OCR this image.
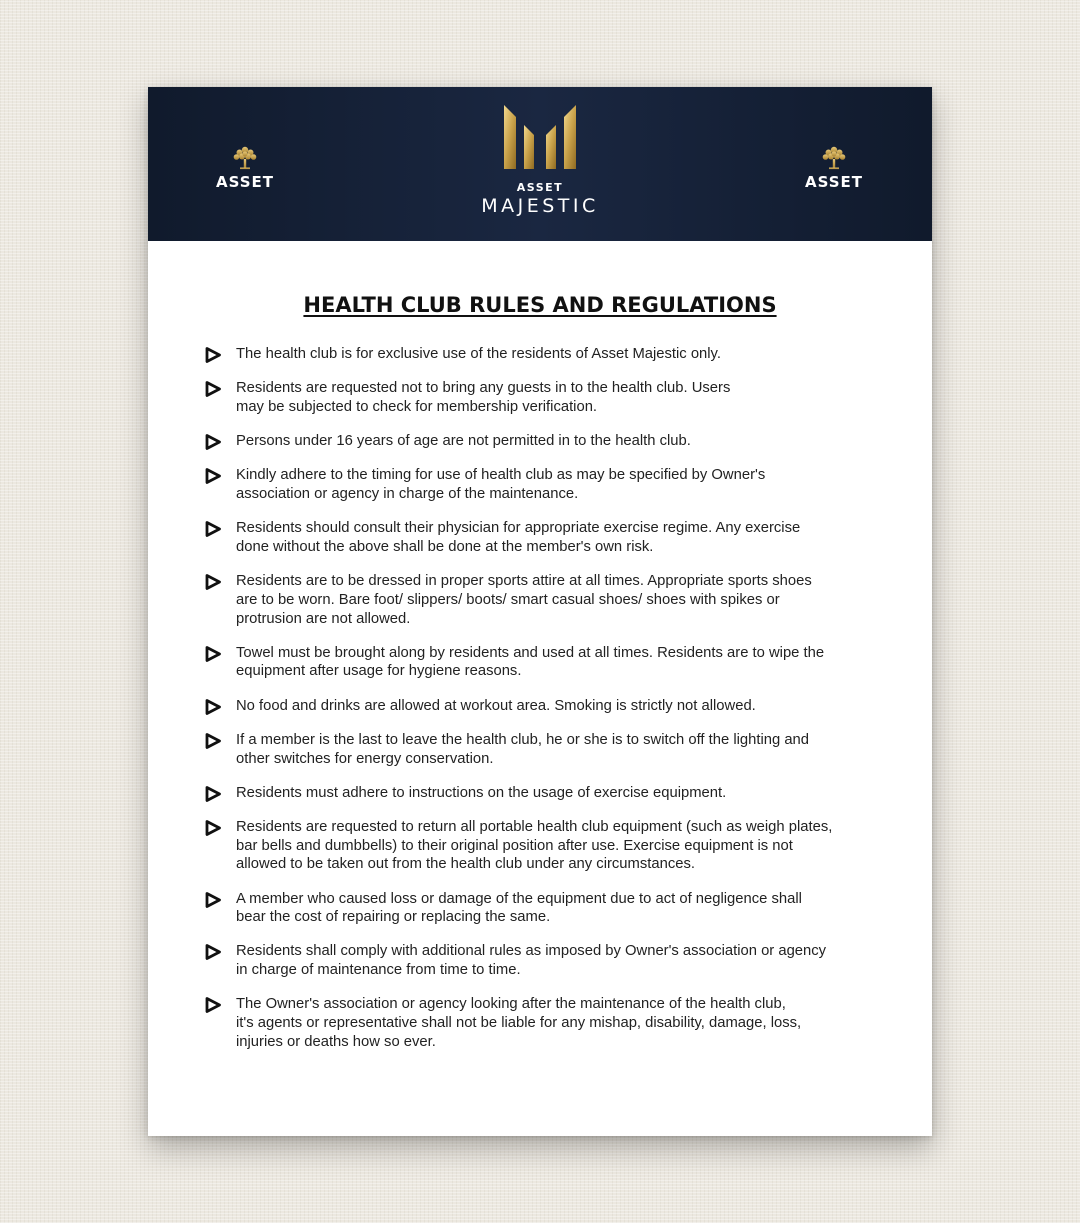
ASSET	ASSET
MAJESTIC
ASSET
HEALTH CLUB RULES AND REGULATIONS
The health club is for exclusive use of the residents of Asset Majestic only.
Residents are requested not to bring any guests in to the health club. Users
may be subjected to check for membership verification.
Persons under 16 years of age are not permitted in to the health club.
Kindly adhere to the timing for use of health club as may be specified by Owner's
association or agency in charge of the maintenance.
Residents should consult their physician for appropriate exercise regime. Any exercise
done without the above shall be done at the member's own risk.
Residents are to be dressed in proper sports attire at all times. Appropriate sports shoes
are to be worn. Bare foot/ slippers/ boots/ smart casual shoes/ shoes with spikes or
protrusion are not allowed.
Towel must be brought along by residents and used at all times. Residents are to wipe the
equipment after usage for hygiene reasons.
No food and drinks are allowed at workout area. Smoking is strictly not allowed.
If a member is the last to leave the health club, he or she is to switch off the lighting and
other switches for energy conservation.
Residents must adhere to instructions on the usage of exercise equipment.
Residents are requested to return all portable health club equipment (such as weigh plates,
bar bells and dumbbells) to their original position after use. Exercise equipment is not
allowed to be taken out from the health club under any circumstances.
A member who caused loss or damage of the equipment due to act of negligence shall
bear the cost of repairing or replacing the same.
Residents shall comply with additional rules as imposed by Owner's association or agency
in charge of maintenance from time to time.
The Owner's association or agency looking after the maintenance of the health club,
it's agents or representative shall not be liable for any mishap, disability, damage, loss,
injuries or deaths how so ever.
